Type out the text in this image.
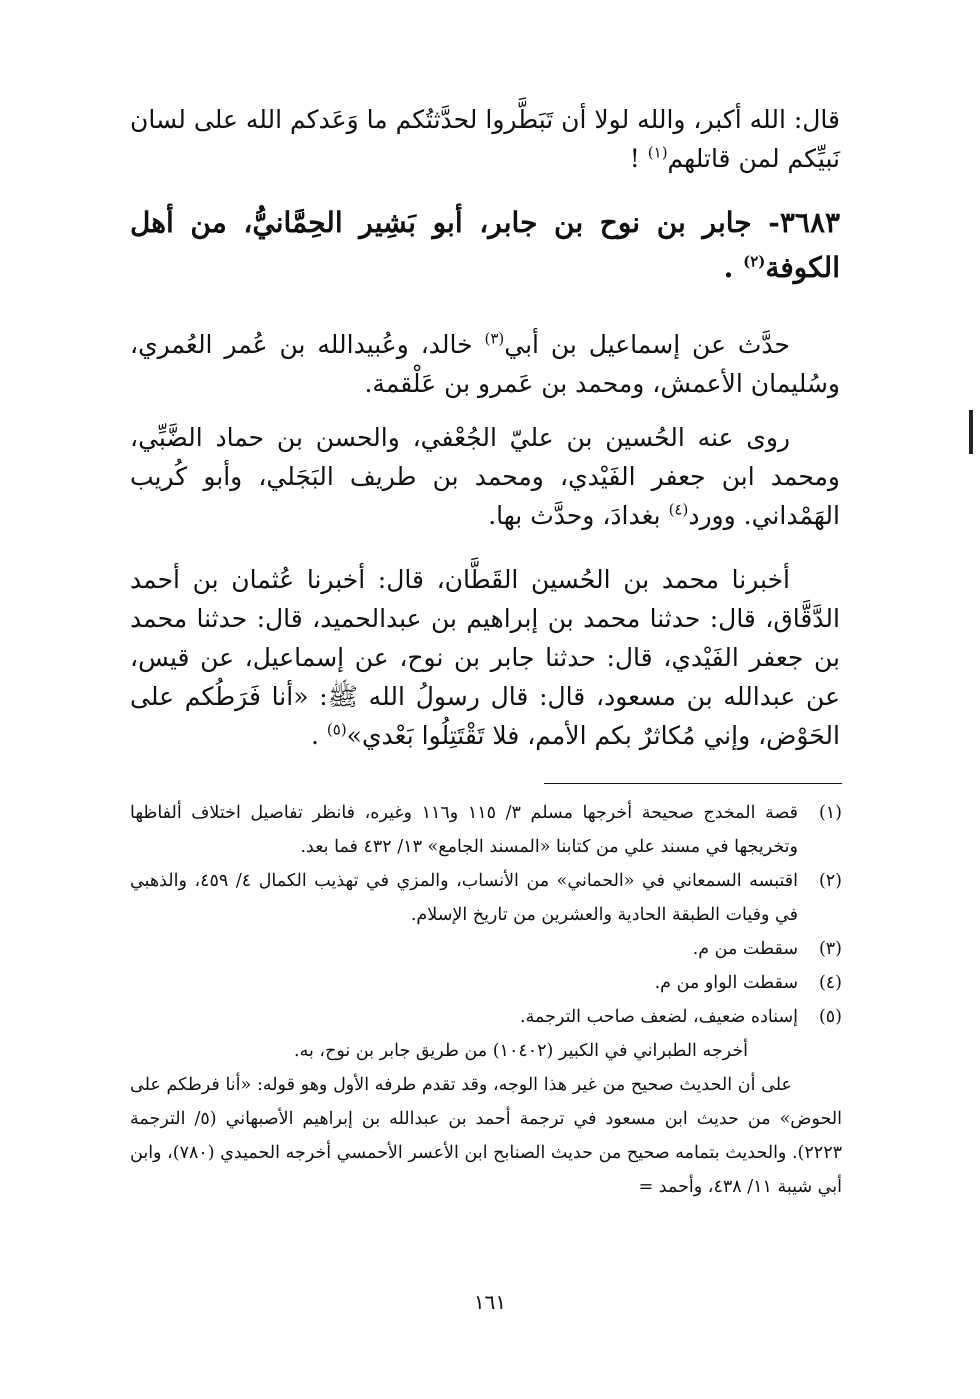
قال: الله أكبر، والله لولا أن تَبَطَّروا لحدَّثتُكم ما وَعَدكم الله على لسان نَبيِّكم لمن قاتلهم$^{(١)}$ !

٣٦٨٣- جابر بن نوح بن جابر، أبو بَشِير الحِمَّانيُّ، من أهل الكوفة$^{(٢)}$ .

حدَّث عن إسماعيل بن أبي$^{(٣)}$ خالد، وعُبيدالله بن عُمر العُمري، وسُليمان الأعمش، ومحمد بن عَمرو بن عَلْقمة.

روى عنه الحُسين بن عليّ الجُعْفي، والحسن بن حماد الضَّبِّي، ومحمد ابن جعفر الفَيْدي، ومحمد بن طريف البَجَلي، وأبو كُريب الهَمْداني. وورد$^{(٤)}$ بغدادَ، وحدَّث بها.

أخبرنا محمد بن الحُسين القَطَّان، قال: أخبرنا عُثمان بن أحمد الدَّقَّاق، قال: حدثنا محمد بن إبراهيم بن عبدالحميد، قال: حدثنا محمد بن جعفر الفَيْدي، قال: حدثنا جابر بن نوح، عن إسماعيل، عن قيس، عن عبدالله بن مسعود، قال: قال رسولُ الله ﷺ: «أنا فَرَطُكم على الحَوْض، وإني مُكاثرٌ بكم الأمم، فلا تَقْتَتِلُوا بَعْدي»$^{(٥)}$ .

(١)
قصة المخدج صحيحة أخرجها مسلم ٣/ ١١٥ و١١٦ وغيره، فانظر تفاصيل اختلاف ألفاظها وتخريجها في مسند علي من كتابنا «المسند الجامع» ١٣/ ٤٣٢ فما بعد.
(٢)
اقتبسه السمعاني في «الحماني» من الأنساب، والمزي في تهذيب الكمال ٤/ ٤٥٩، والذهبي في وفيات الطبقة الحادية والعشرين من تاريخ الإسلام.
(٣)
سقطت من م.
(٤)
سقطت الواو من م.
(٥)
إسناده ضعيف، لضعف صاحب الترجمة.
أخرجه الطبراني في الكبير (١٠٤٠٢) من طريق جابر بن نوح، به.
على أن الحديث صحيح من غير هذا الوجه، وقد تقدم طرفه الأول وهو قوله: «أنا فرطكم على الحوض» من حديث ابن مسعود في ترجمة أحمد بن عبدالله بن إبراهيم الأصبهاني (٥/ الترجمة ٢٢٢٣). والحديث بتمامه صحيح من حديث الصنابح ابن الأعسر الأحمسي أخرجه الحميدي (٧٨٠)، وابن أبي شيبة ١١/ ٤٣٨، وأحمد =
١٦١
